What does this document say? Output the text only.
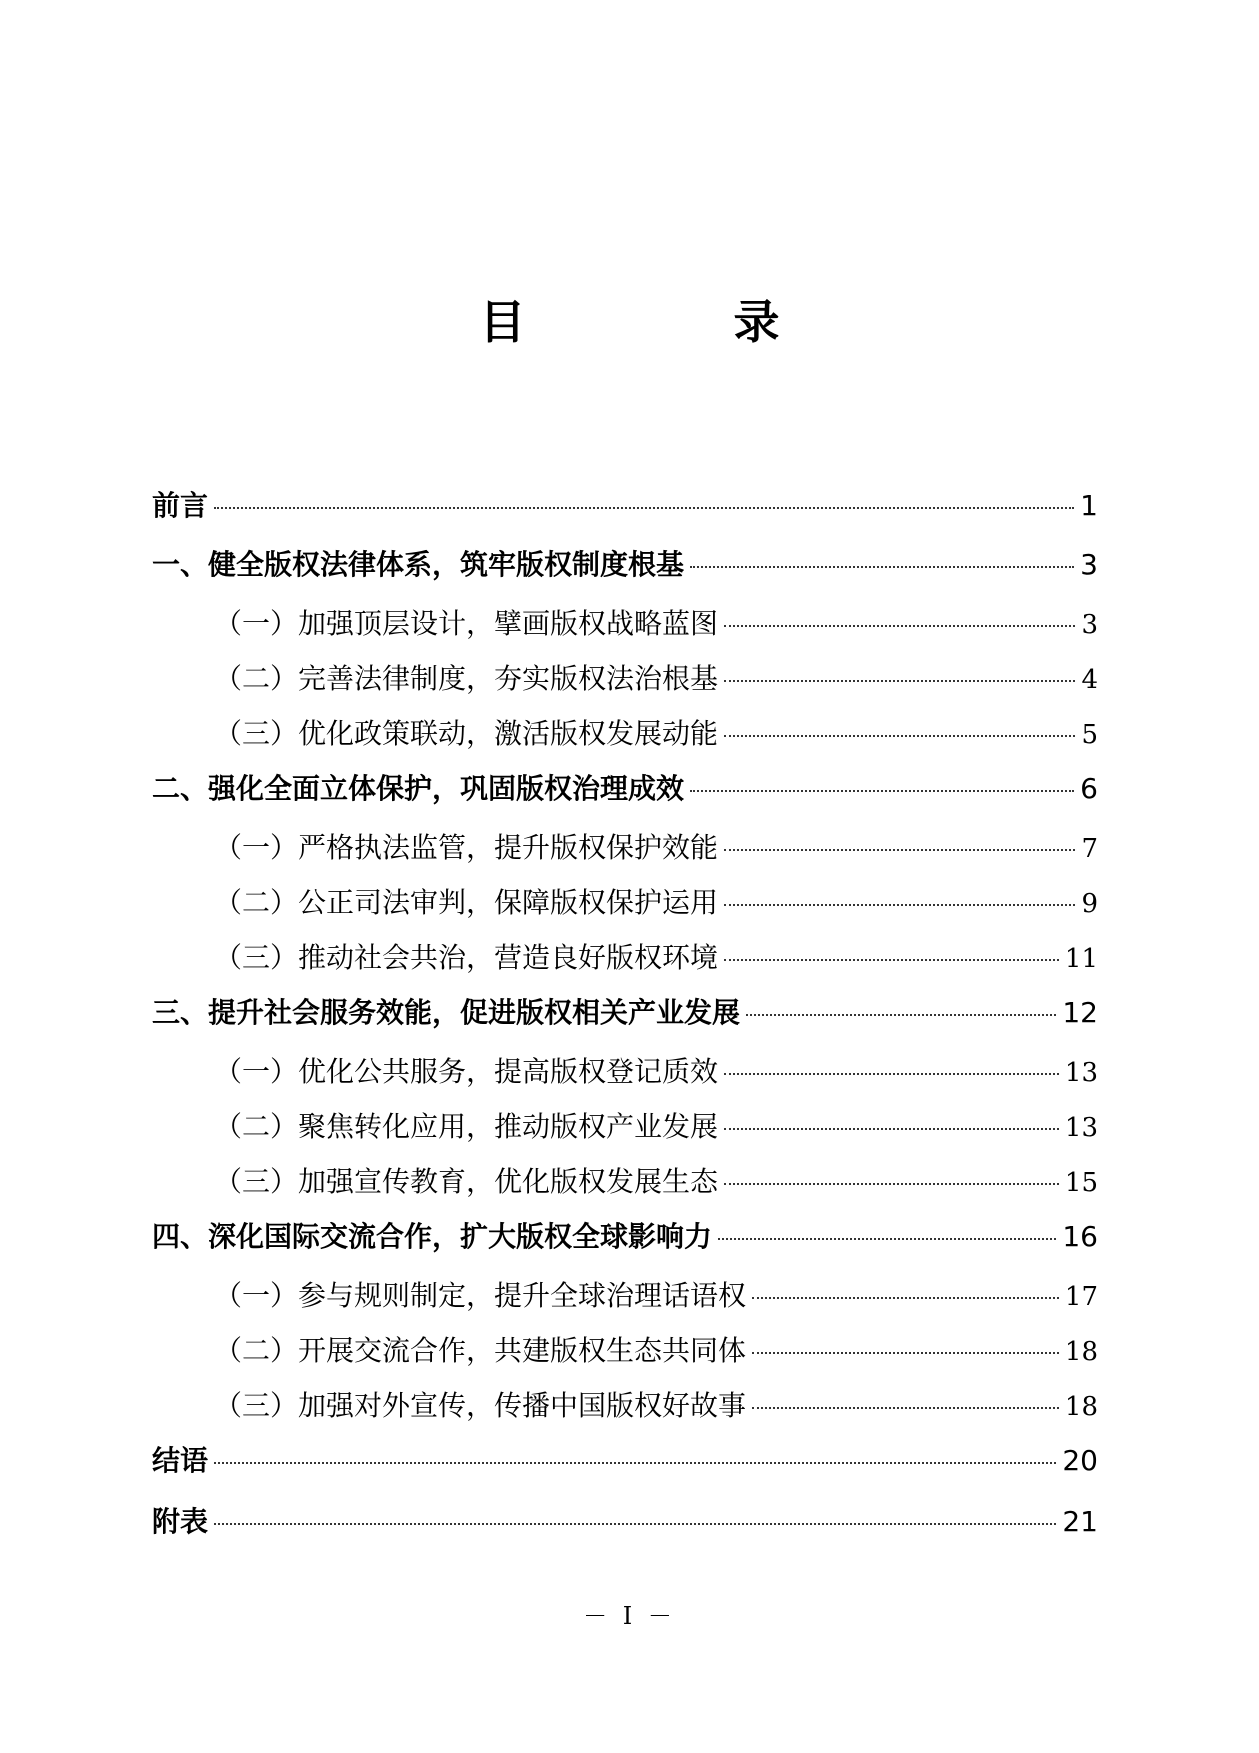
目 录
前言	1
一、健全版权法律体系，筑牢版权制度根基	3
（一）加强顶层设计，擘画版权战略蓝图	3
（二）完善法律制度，夯实版权法治根基	4
（三）优化政策联动，激活版权发展动能	5
二、强化全面立体保护，巩固版权治理成效	6
（一）严格执法监管，提升版权保护效能	7
（二）公正司法审判，保障版权保护运用	9
（三）推动社会共治，营造良好版权环境	11
三、提升社会服务效能，促进版权相关产业发展	12
（一）优化公共服务，提高版权登记质效	13
（二）聚焦转化应用，推动版权产业发展	13
（三）加强宣传教育，优化版权发展生态	15
四、深化国际交流合作，扩大版权全球影响力	16
（一）参与规则制定，提升全球治理话语权	17
（二）开展交流合作，共建版权生态共同体	18
（三）加强对外宣传，传播中国版权好故事	18
结语	20
附表	21
－ I －
